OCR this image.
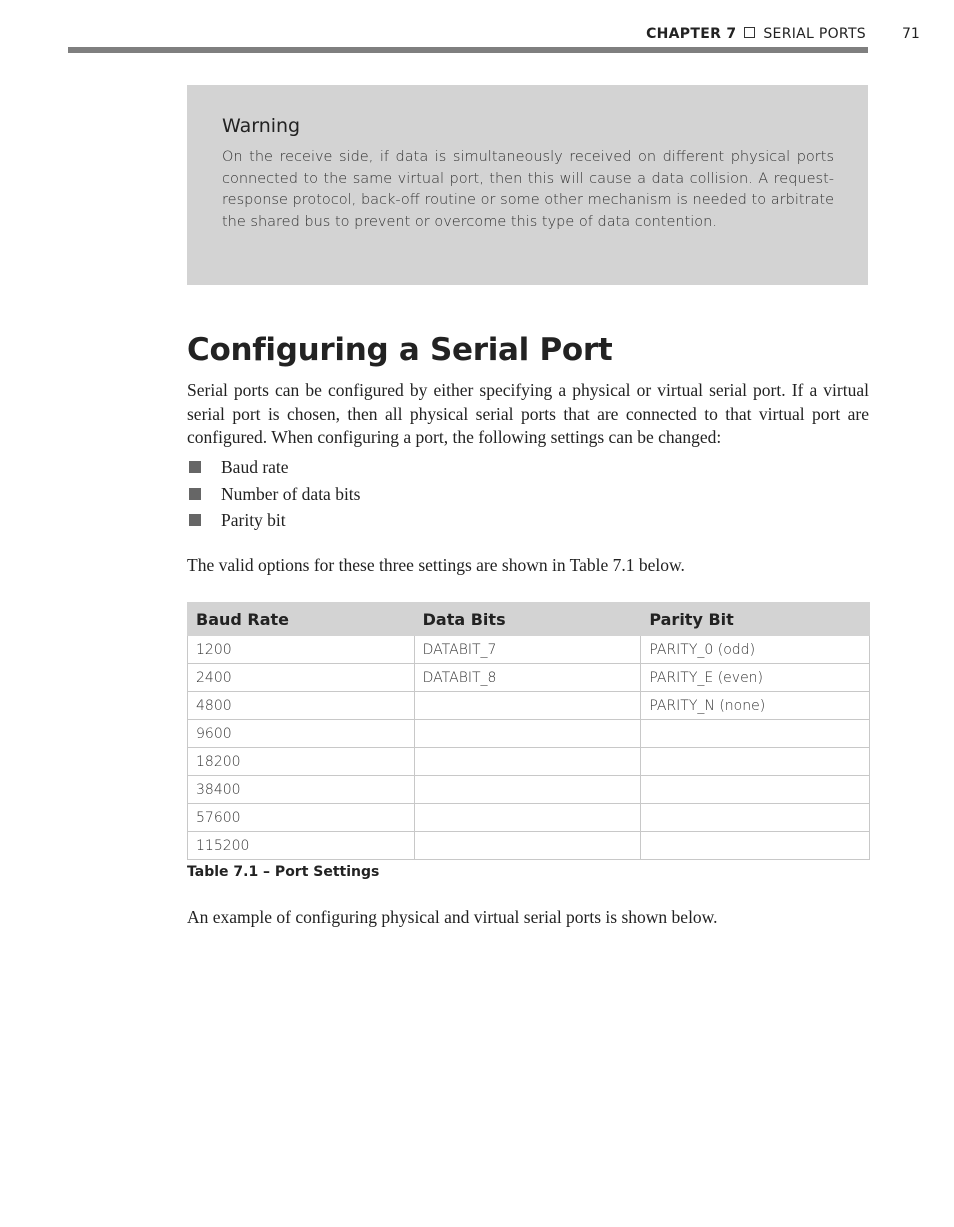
CHAPTER 7 SERIAL PORTS	71
Warning

On the receive side, if data is simultaneously received on different physical ports connected to the same virtual port, then this will cause a data collision. A request-response protocol, back-off routine or some other mechanism is needed to arbitrate the shared bus to prevent or overcome this type of data contention.

Configuring a Serial Port

Serial ports can be configured by either specifying a physical or virtual serial port. If a virtual serial port is chosen, then all physical serial ports that are connected to that virtual port are configured. When configuring a port, the following settings can be changed:

Baud rate
Number of data bits
Parity bit

The valid options for these three settings are shown in Table 7.1 below.

Baud Rate	Data Bits	Parity Bit
1200	DATABIT_7	PARITY_0 (odd)
2400	DATABIT_8	PARITY_E (even)
4800		PARITY_N (none)
9600		
18200		
38400		
57600		
115200		

Table 7.1 – Port Settings

An example of configuring physical and virtual serial ports is shown below.
